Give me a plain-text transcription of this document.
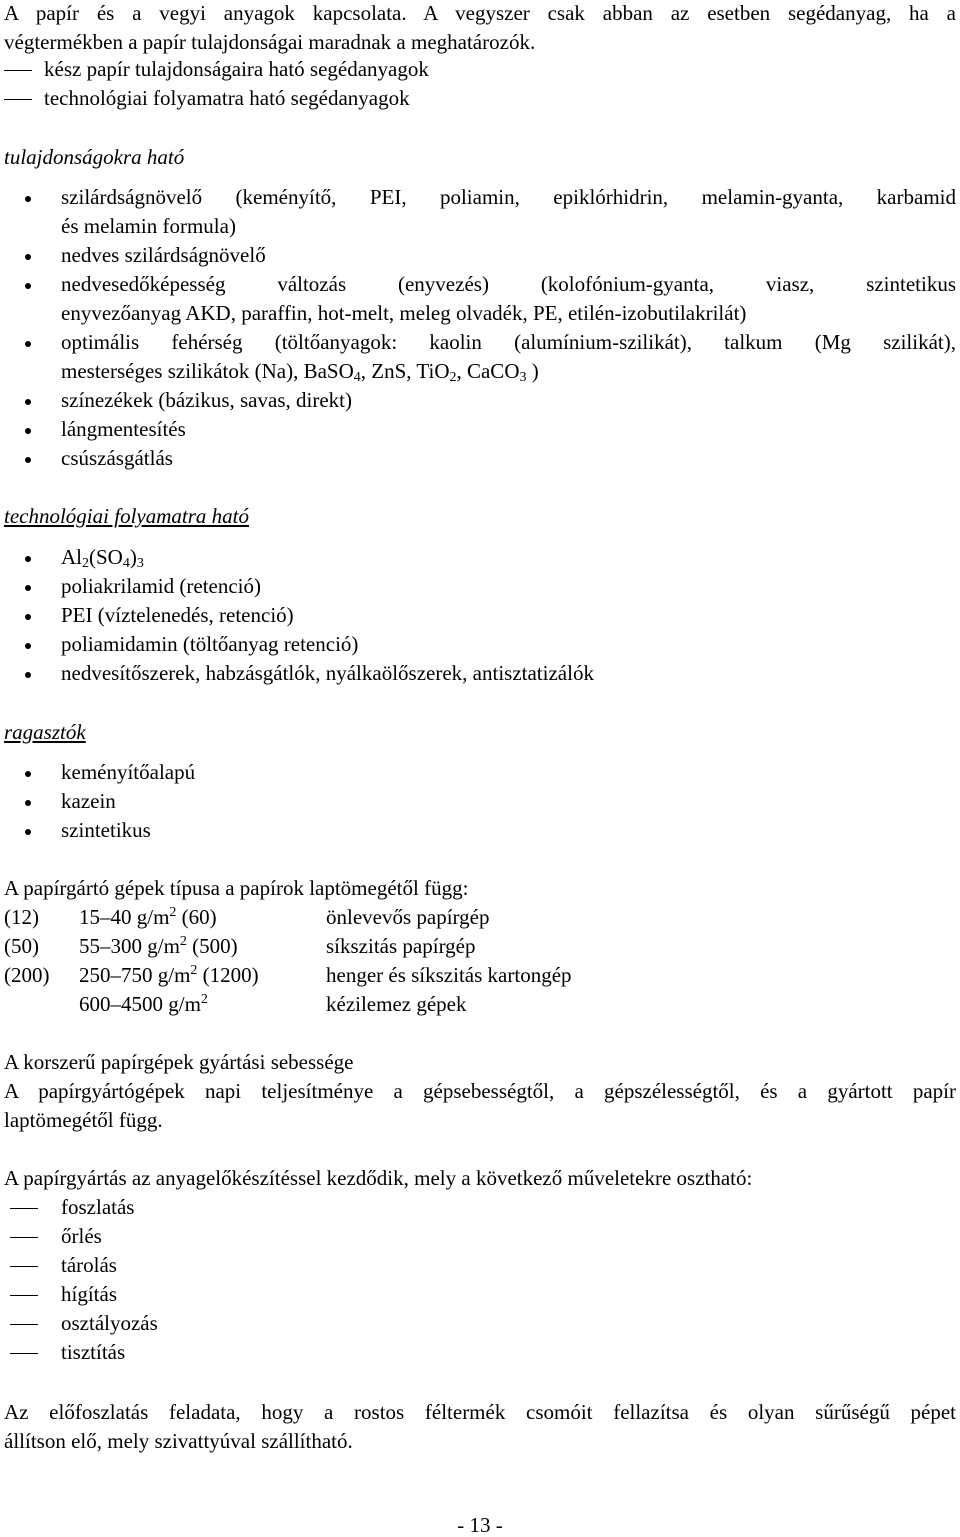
A papír és a vegyi anyagok kapcsolata. A vegyszer csak abban az esetben segédanyag, ha a
végtermékben a papír tulajdonságai maradnak a meghatározók.
kész papír tulajdonságaira ható segédanyagok
technológiai folyamatra ható segédanyagok
tulajdonságokra ható
szilárdságnövelő (keményítő, PEI, poliamin, epiklórhidrin, melamin-gyanta, karbamid
és melamin formula)
nedves szilárdságnövelő
nedvesedőképesség változás (enyvezés) (kolofónium-gyanta, viasz, szintetikus
enyvezőanyag AKD, paraffin, hot-melt, meleg olvadék, PE, etilén-izobutilakrilát)
optimális fehérség (töltőanyagok: kaolin (alumínium-szilikát), talkum (Mg szilikát),
mesterséges szilikátok (Na), BaSO$_4$, ZnS, TiO$_2$, CaCO$_3$ )
színezékek (bázikus, savas, direkt)
lángmentesítés
csúszásgátlás
technológiai folyamatra ható
$Al_2(SO_4)_3$
poliakrilamid (retenció)
PEI (víztelenedés, retenció)
poliamidamin (töltőanyag retenció)
nedvesítőszerek, habzásgátlók, nyálkaölőszerek, antisztatizálók
ragasztók
keményítőalapú
kazein
szintetikus
A papírgártó gépek típusa a papírok laptömegétől függ:
(12) 15–40 $g/m^2$ (60)	önlevevős papírgép
(50) 55–300 $g/m^2$ (500)	síkszitás papírgép
(200) 250–750 $g/m^2$ (1200)	henger és síkszitás kartongép
600–4500 $g/m^2$	kézilemez gépek
A korszerű papírgépek gyártási sebessége
A papírgyártógépek napi teljesítménye a gépsebességtől, a gépszélességtől, és a gyártott papír
laptömegétől függ.
A papírgyártás az anyagelőkészítéssel kezdődik, mely a következő műveletekre osztható:
foszlatás
őrlés
tárolás
hígítás
osztályozás
tisztítás
Az előfoszlatás feladata, hogy a rostos féltermék csomóit fellazítsa és olyan sűrűségű pépet
állítson elő, mely szivattyúval szállítható.
- 13 -
